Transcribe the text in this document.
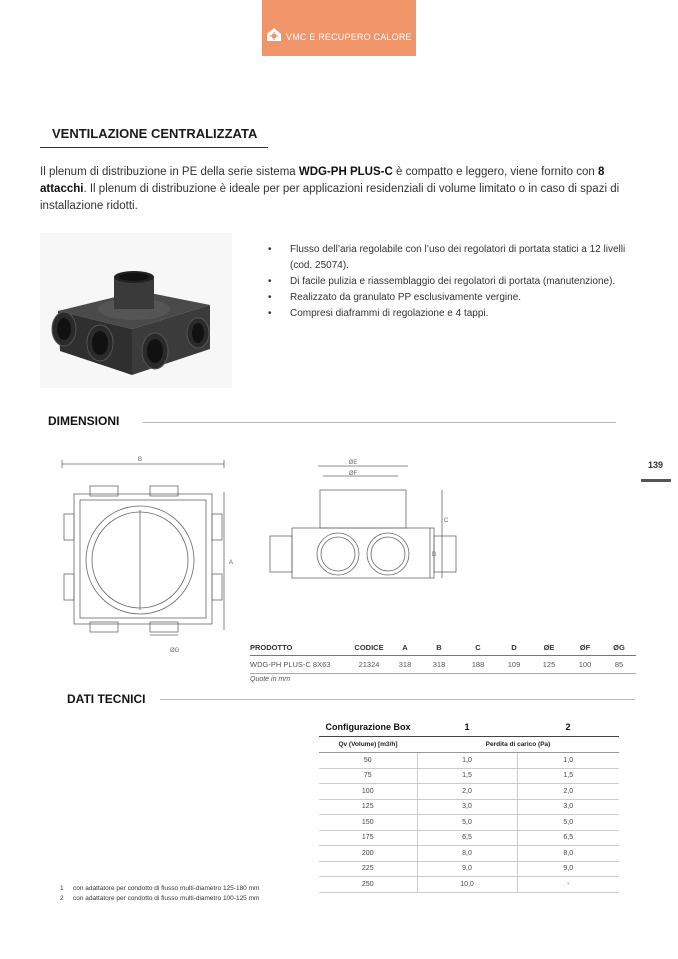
VMC E RECUPERO CALORE
VENTILAZIONE CENTRALIZZATA
Il plenum di distribuzione in PE della serie sistema WDG-PH PLUS-C è compatto e leggero, viene fornito con 8 attacchi. Il plenum di distribuzione è ideale per per applicazioni residenziali di volume limitato o in caso di spazi di installazione ridotti.
• Flusso dell’aria regolabile con l’uso dei regolatori di portata statici a 12 livelli (cod. 25074).
• Di facile pulizia e riassemblaggio dei regolatori di portata (manutenzione).
• Realizzato da granulato PP esclusivamente vergine.
• Compresi diaframmi di regolazione e 4 tappi.
DIMENSIONI
139
B
A
ØG
ØE
ØF
C
D
PRODOTTO	CODICE	A	B	C	D	ØE	ØF	ØG
WDG-PH PLUS-C 8X63	21324	318	318	188	109	125	100	85
Quote in mm
DATI TECNICI
Configurazione Box	1	2
Qv (Volume) [m3/h]	Perdita di carico (Pa)	
50	1,0	1,0
75	1,5	1,5
100	2,0	2,0
125	3,0	3,0
150	5,0	5,0
175	6,5	6,5
200	8,0	8,0
225	9,0	9,0
250	10,0	-
1 con adattatore per condotto di flusso multi-diametro 125-180 mm
2 con adattatore per condotto di flusso multi-diametro 100-125 mm
